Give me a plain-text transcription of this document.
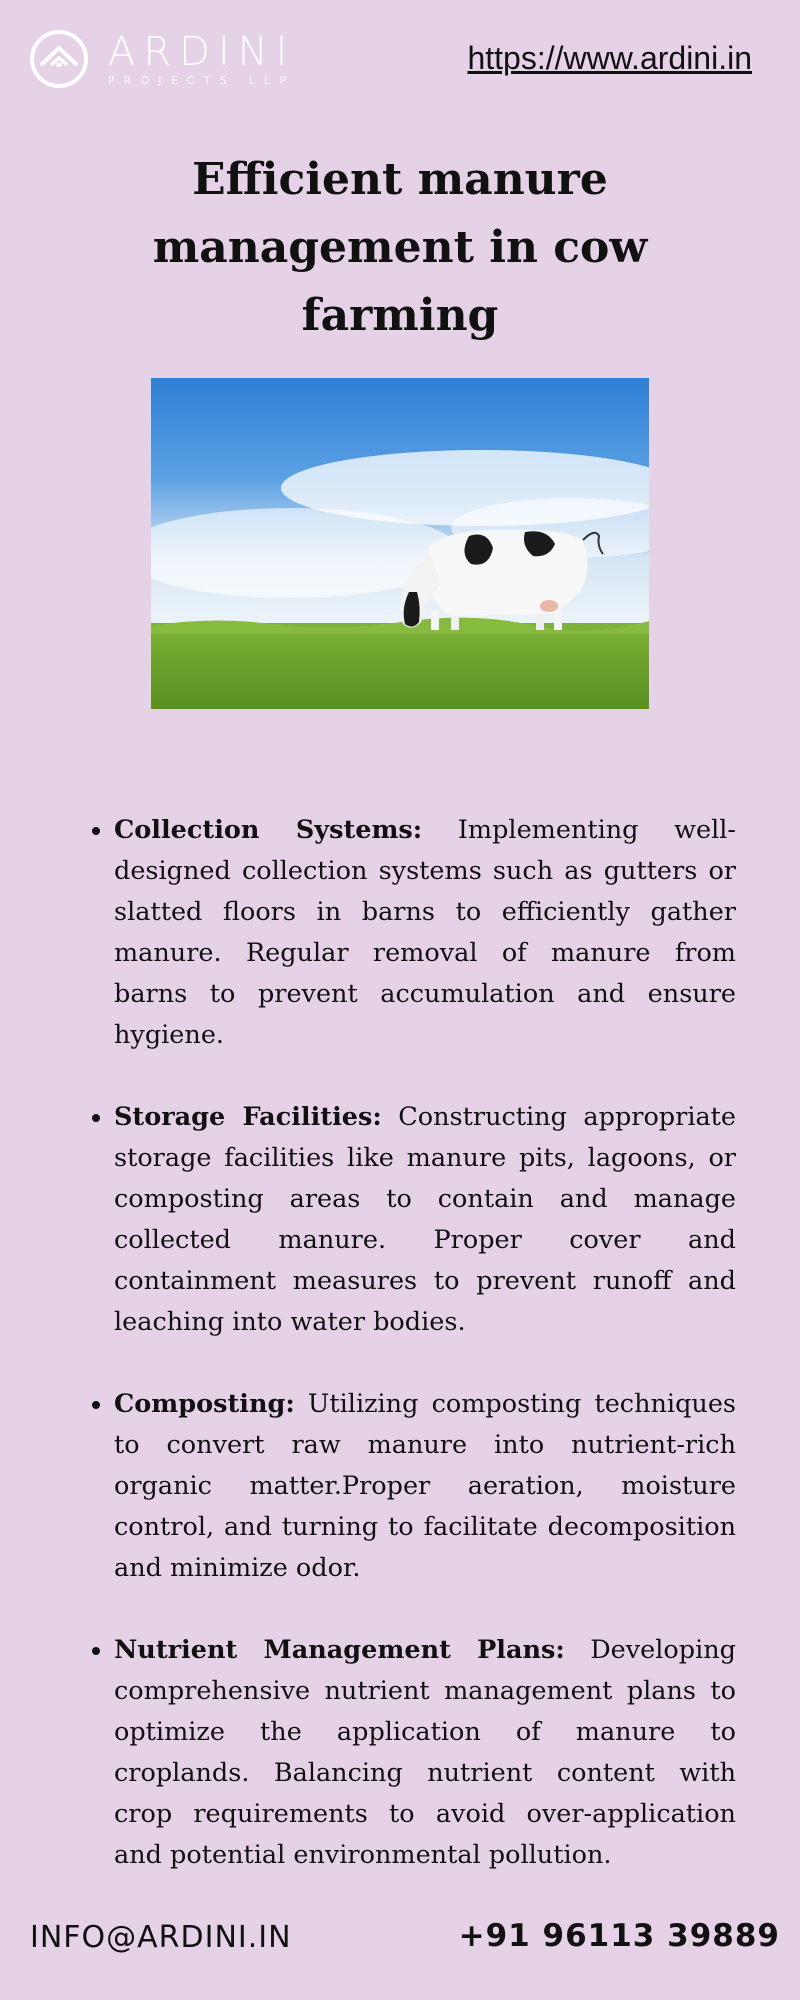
ARDINI
PROJECTS LLP
https://www.ardini.in
Efficient manure management in cow farming
• Collection Systems: Implementing well-designed collection systems such as gutters or slatted floors in barns to efficiently gather manure. Regular removal of manure from barns to prevent accumulation and ensure hygiene.
• Storage Facilities: Constructing appropriate storage facilities like manure pits, lagoons, or composting areas to contain and manage collected manure. Proper cover and containment measures to prevent runoff and leaching into water bodies.
• Composting: Utilizing composting techniques to convert raw manure into nutrient-rich organic matter.Proper aeration, moisture control, and turning to facilitate decomposition and minimize odor.
• Nutrient Management Plans: Developing comprehensive nutrient management plans to optimize the application of manure to croplands. Balancing nutrient content with crop requirements to avoid over-application and potential environmental pollution.
INFO@ARDINI.IN	+91 96113 39889
